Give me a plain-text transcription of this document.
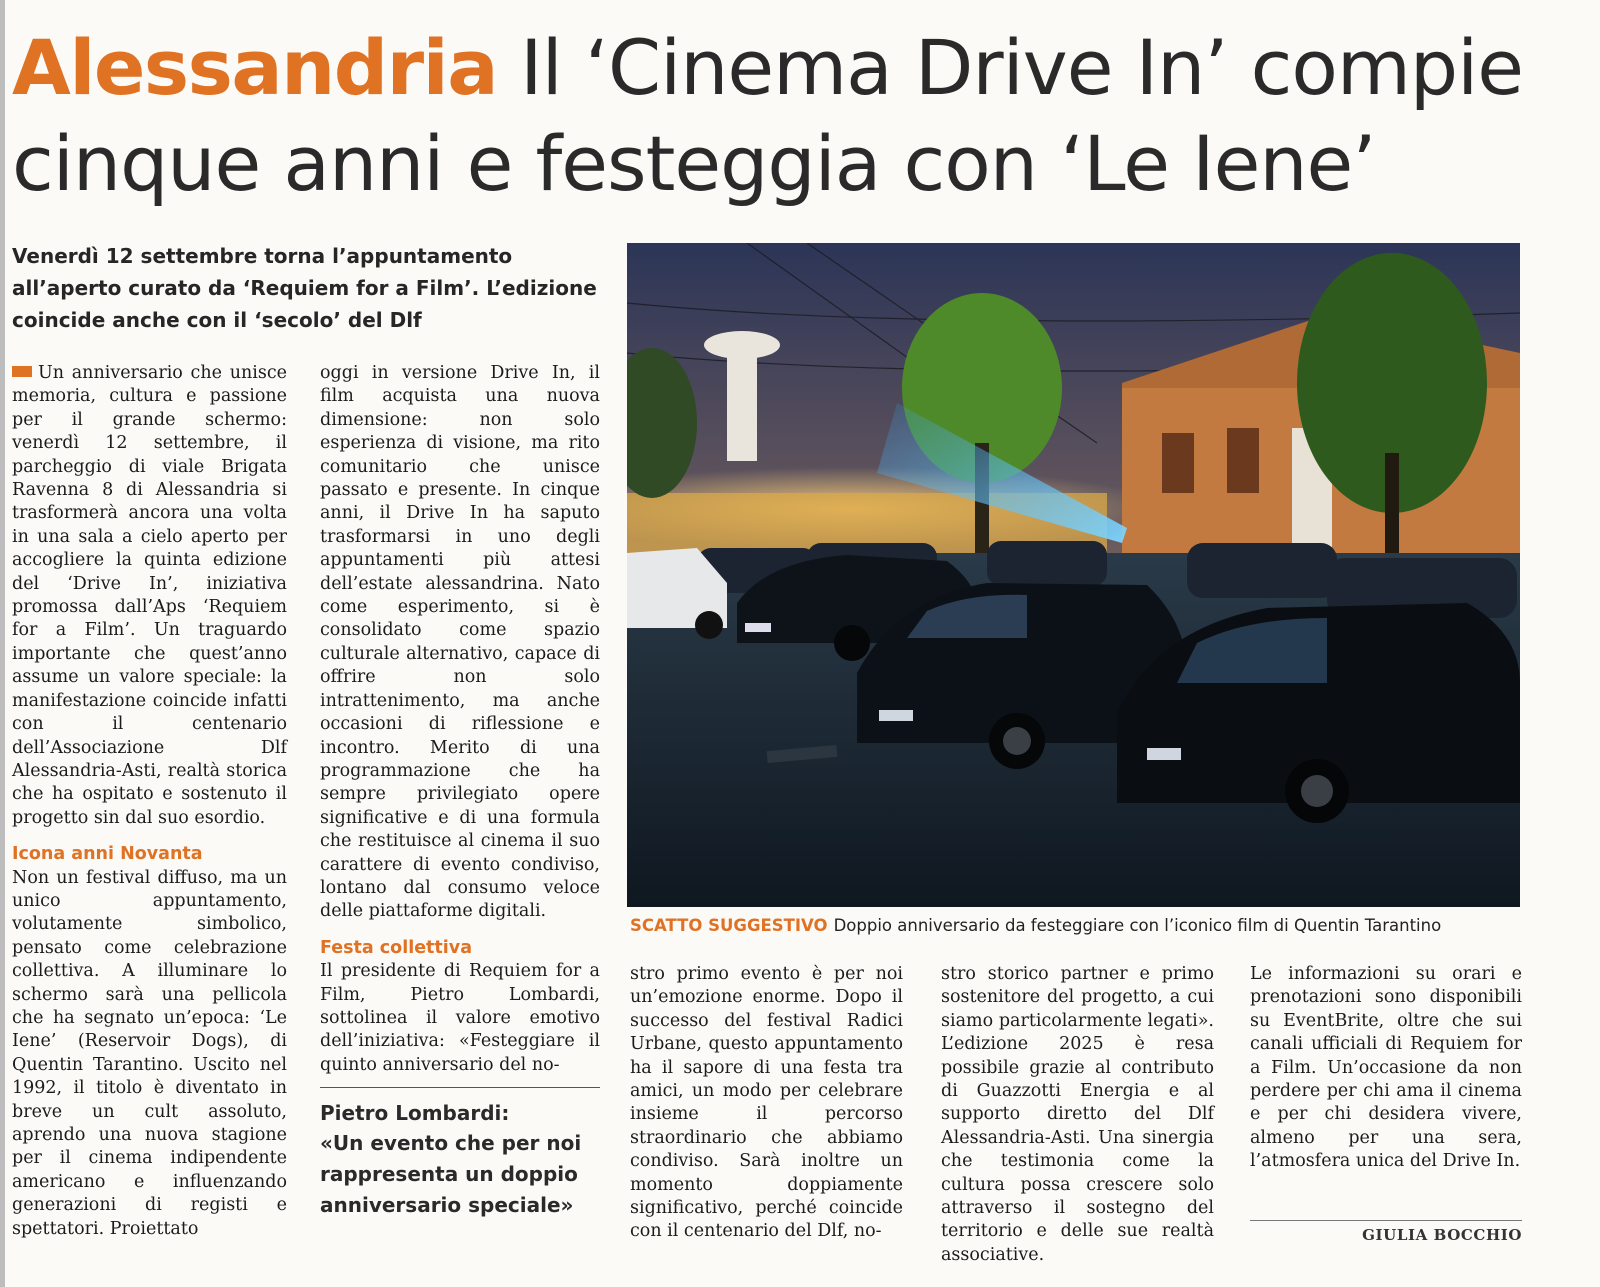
Alessandria Il ‘Cinema Drive In’ compie cinque anni e festeggia con ‘Le Iene’
Venerdì 12 settembre torna l’appuntamento all’aperto curato da ‘Requiem for a Film’. L’edizione coincide anche con il ‘secolo’ del Dlf

Un anniversario che unisce memoria, cultura e passione per il grande schermo: venerdì 12 settembre, il parcheggio di viale Brigata Ravenna 8 di Alessandria si trasformerà ancora una volta in una sala a cielo aperto per accogliere la quinta edizione del ‘Drive In’, iniziativa promossa dall’Aps ‘Requiem for a Film’. Un traguardo importante che quest’anno assume un valore speciale: la manifestazione coincide infatti con il centenario dell’Associazione Dlf Alessandria-Asti, realtà storica che ha ospitato e sostenuto il progetto sin dal suo esordio.

Icona anni Novanta

Non un festival diffuso, ma un unico appuntamento, volutamente simbolico, pensato come celebrazione collettiva. A illuminare lo schermo sarà una pellicola che ha segnato un’epoca: ‘Le Iene’ (Reservoir Dogs), di Quentin Tarantino. Uscito nel 1992, il titolo è diventato in breve un cult assoluto, aprendo una nuova stagione per il cinema indipendente americano e influenzando generazioni di registi e spettatori. Proiettato

oggi in versione Drive In, il film acquista una nuova dimensione: non solo esperienza di visione, ma rito comunitario che unisce passato e presente. In cinque anni, il Drive In ha saputo trasformarsi in uno degli appuntamenti più attesi dell’estate alessandrina. Nato come esperimento, si è consolidato come spazio culturale alternativo, capace di offrire non solo intrattenimento, ma anche occasioni di riflessione e incontro. Merito di una programmazione che ha sempre privilegiato opere significative e di una formula che restituisce al cinema il suo carattere di evento condiviso, lontano dal consumo veloce delle piattaforme digitali.

Festa collettiva

Il presidente di Requiem for a Film, Pietro Lombardi, sottolinea il valore emotivo dell’iniziativa: «Festeggiare il quinto anniversario del no-

Pietro Lombardi:
«Un evento che per noi rappresenta un doppio anniversario speciale»
SCATTO SUGGESTIVO Doppio anniversario da festeggiare con l’iconico film di Quentin Tarantino

stro primo evento è per noi un’emozione enorme. Dopo il successo del festival Radici Urbane, questo appuntamento ha il sapore di una festa tra amici, un modo per celebrare insieme il percorso straordinario che abbiamo condiviso. Sarà inoltre un momento doppiamente significativo, perché coincide con il centenario del Dlf, no-

stro storico partner e primo sostenitore del progetto, a cui siamo particolarmente legati». L’edizione 2025 è resa possibile grazie al contributo di Guazzotti Energia e al supporto diretto del Dlf Alessandria-Asti. Una sinergia che testimonia come la cultura possa crescere solo attraverso il sostegno del territorio e delle sue realtà associative.

Le informazioni su orari e prenotazioni sono disponibili su EventBrite, oltre che sui canali ufficiali di Requiem for a Film. Un’occasione da non perdere per chi ama il cinema e per chi desidera vivere, almeno per una sera, l’atmosfera unica del Drive In.

GIULIA BOCCHIO
